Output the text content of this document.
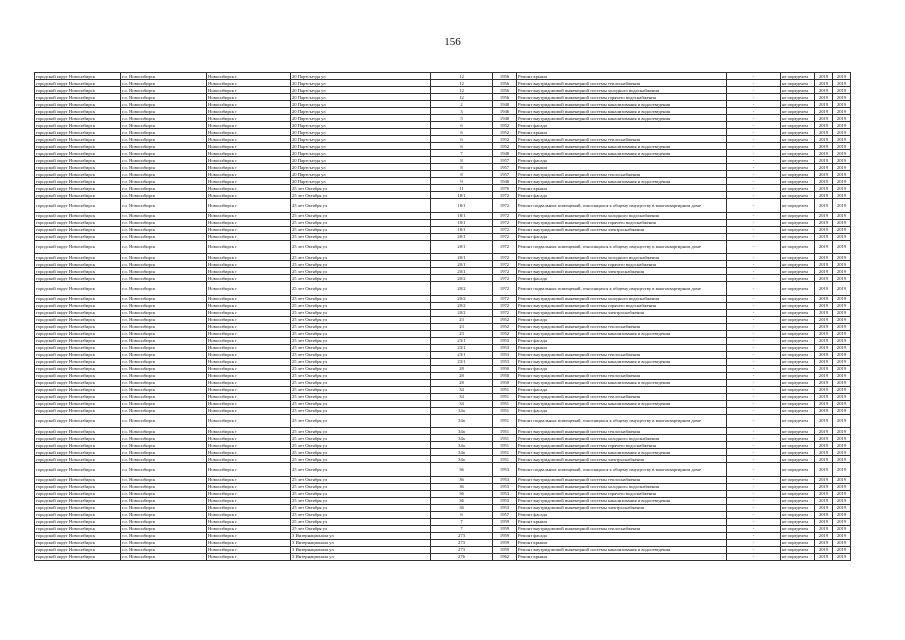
156
городской округ Новосибирск	г.о. Новосибирск	Новосибирск г	20 Партсъезда ул	12	1956	Ремонт крыши	-	не определен	2019	2019
городской округ Новосибирск	г.о. Новосибирск	Новосибирск г	20 Партсъезда ул	12	1956	Ремонт внутридомовой инженерной системы теплоснабжения	-	не определен	2019	2019
городской округ Новосибирск	г.о. Новосибирск	Новосибирск г	20 Партсъезда ул	12	1956	Ремонт внутридомовой инженерной системы холодного водоснабжения	-	не определен	2019	2019
городской округ Новосибирск	г.о. Новосибирск	Новосибирск г	20 Партсъезда ул	12	1956	Ремонт внутридомовой инженерной системы горячего водоснабжения	-	не определен	2019	2019
городской округ Новосибирск	г.о. Новосибирск	Новосибирск г	20 Партсъезда ул	2	1948	Ремонт внутридомовой инженерной системы канализования и водоотведения	-	не определен	2019	2019
городской округ Новосибирск	г.о. Новосибирск	Новосибирск г	20 Партсъезда ул	3	1946	Ремонт внутридомовой инженерной системы канализования и водоотведения	-	не определен	2019	2019
городской округ Новосибирск	г.о. Новосибирск	Новосибирск г	20 Партсъезда ул	5	1948	Ремонт внутридомовой инженерной системы канализования и водоотведения	-	не определен	2019	2019
городской округ Новосибирск	г.о. Новосибирск	Новосибирск г	20 Партсъезда ул	6	1952	Ремонт фасада	-	не определен	2019	2019
городской округ Новосибирск	г.о. Новосибирск	Новосибирск г	20 Партсъезда ул	6	1952	Ремонт крыши	-	не определен	2019	2019
городской округ Новосибирск	г.о. Новосибирск	Новосибирск г	20 Партсъезда ул	6	1952	Ремонт внутридомовой инженерной системы теплоснабжения	-	не определен	2019	2019
городской округ Новосибирск	г.о. Новосибирск	Новосибирск г	20 Партсъезда ул	6	1952	Ремонт внутридомовой инженерной системы канализования и водоотведения	-	не определен	2019	2019
городской округ Новосибирск	г.о. Новосибирск	Новосибирск г	20 Партсъезда ул	7	1948	Ремонт внутридомовой инженерной системы канализования и водоотведения	-	не определен	2019	2019
городской округ Новосибирск	г.о. Новосибирск	Новосибирск г	20 Партсъезда ул	8	1957	Ремонт фасада	-	не определен	2019	2019
городской округ Новосибирск	г.о. Новосибирск	Новосибирск г	20 Партсъезда ул	8	1957	Ремонт крыши	-	не определен	2019	2019
городской округ Новосибирск	г.о. Новосибирск	Новосибирск г	20 Партсъезда ул	8	1957	Ремонт внутридомовой инженерной системы теплоснабжения	-	не определен	2019	2019
городской округ Новосибирск	г.о. Новосибирск	Новосибирск г	20 Партсъезда ул	9	1946	Ремонт внутридомовой инженерной системы канализования и водоотведения	-	не определен	2019	2019
городской округ Новосибирск	г.о. Новосибирск	Новосибирск г	25 лет Октября ул	11	1976	Ремонт крыши	-	не определен	2019	2019
городской округ Новосибирск	г.о. Новосибирск	Новосибирск г	25 лет Октября ул	18/1	1972	Ремонт фасада	-	не определен	2019	2019
городской округ Новосибирск	г.о. Новосибирск	Новосибирск г	25 лет Октября ул	18/1	1972	Ремонт подвальных помещений, относящихся к общему имуществу в многоквартирном доме	-	не определен	2019	2019
городской округ Новосибирск	г.о. Новосибирск	Новосибирск г	25 лет Октября ул	18/1	1972	Ремонт внутридомовой инженерной системы холодного водоснабжения	-	не определен	2019	2019
городской округ Новосибирск	г.о. Новосибирск	Новосибирск г	25 лет Октября ул	18/1	1972	Ремонт внутридомовой инженерной системы горячего водоснабжения	-	не определен	2019	2019
городской округ Новосибирск	г.о. Новосибирск	Новосибирск г	25 лет Октября ул	18/1	1972	Ремонт внутридомовой инженерной системы электроснабжения	-	не определен	2019	2019
городской округ Новосибирск	г.о. Новосибирск	Новосибирск г	25 лет Октября ул	20/1	1972	Ремонт фасада	-	не определен	2019	2019
городской округ Новосибирск	г.о. Новосибирск	Новосибирск г	25 лет Октября ул	20/1	1972	Ремонт подвальных помещений, относящихся к общему имуществу в многоквартирном доме	-	не определен	2019	2019
городской округ Новосибирск	г.о. Новосибирск	Новосибирск г	25 лет Октября ул	20/1	1972	Ремонт внутридомовой инженерной системы холодного водоснабжения	-	не определен	2019	2019
городской округ Новосибирск	г.о. Новосибирск	Новосибирск г	25 лет Октября ул	20/1	1972	Ремонт внутридомовой инженерной системы горячего водоснабжения	-	не определен	2019	2019
городской округ Новосибирск	г.о. Новосибирск	Новосибирск г	25 лет Октября ул	20/1	1972	Ремонт внутридомовой инженерной системы электроснабжения	-	не определен	2019	2019
городской округ Новосибирск	г.о. Новосибирск	Новосибирск г	25 лет Октября ул	20/2	1972	Ремонт фасада	-	не определен	2019	2019
городской округ Новосибирск	г.о. Новосибирск	Новосибирск г	25 лет Октября ул	20/2	1972	Ремонт подвальных помещений, относящихся к общему имуществу в многоквартирном доме	-	не определен	2019	2019
городской округ Новосибирск	г.о. Новосибирск	Новосибирск г	25 лет Октября ул	20/2	1972	Ремонт внутридомовой инженерной системы холодного водоснабжения	-	не определен	2019	2019
городской округ Новосибирск	г.о. Новосибирск	Новосибирск г	25 лет Октября ул	20/2	1972	Ремонт внутридомовой инженерной системы горячего водоснабжения	-	не определен	2019	2019
городской округ Новосибирск	г.о. Новосибирск	Новосибирск г	25 лет Октября ул	20/2	1972	Ремонт внутридомовой инженерной системы электроснабжения	-	не определен	2019	2019
городской округ Новосибирск	г.о. Новосибирск	Новосибирск г	25 лет Октября ул	23	1952	Ремонт фасада	-	не определен	2019	2019
городской округ Новосибирск	г.о. Новосибирск	Новосибирск г	25 лет Октября ул	23	1952	Ремонт внутридомовой инженерной системы теплоснабжения	-	не определен	2019	2019
городской округ Новосибирск	г.о. Новосибирск	Новосибирск г	25 лет Октября ул	23	1952	Ремонт внутридомовой инженерной системы канализования и водоотведения	-	не определен	2019	2019
городской округ Новосибирск	г.о. Новосибирск	Новосибирск г	25 лет Октября ул	23/1	1953	Ремонт фасада	-	не определен	2019	2019
городской округ Новосибирск	г.о. Новосибирск	Новосибирск г	25 лет Октября ул	23/1	1953	Ремонт крыши	-	не определен	2019	2019
городской округ Новосибирск	г.о. Новосибирск	Новосибирск г	25 лет Октября ул	23/1	1953	Ремонт внутридомовой инженерной системы теплоснабжения	-	не определен	2019	2019
городской округ Новосибирск	г.о. Новосибирск	Новосибирск г	25 лет Октября ул	23/1	1953	Ремонт внутридомовой инженерной системы канализования и водоотведения	-	не определен	2019	2019
городской округ Новосибирск	г.о. Новосибирск	Новосибирск г	25 лет Октября ул	28	1950	Ремонт фасада	-	не определен	2019	2019
городской округ Новосибирск	г.о. Новосибирск	Новосибирск г	25 лет Октября ул	28	1950	Ремонт внутридомовой инженерной системы теплоснабжения	-	не определен	2019	2019
городской округ Новосибирск	г.о. Новосибирск	Новосибирск г	25 лет Октября ул	28	1950	Ремонт внутридомовой инженерной системы канализования и водоотведения	-	не определен	2019	2019
городской округ Новосибирск	г.о. Новосибирск	Новосибирск г	25 лет Октября ул	34	1951	Ремонт фасада	-	не определен	2019	2019
городской округ Новосибирск	г.о. Новосибирск	Новосибирск г	25 лет Октября ул	34	1951	Ремонт внутридомовой инженерной системы теплоснабжения	-	не определен	2019	2019
городской округ Новосибирск	г.о. Новосибирск	Новосибирск г	25 лет Октября ул	34	1951	Ремонт внутридомовой инженерной системы канализования и водоотведения	-	не определен	2019	2019
городской округ Новосибирск	г.о. Новосибирск	Новосибирск г	25 лет Октября ул	34а	1951	Ремонт фасада	-	не определен	2019	2019
городской округ Новосибирск	г.о. Новосибирск	Новосибирск г	25 лет Октября ул	34а	1951	Ремонт подвальных помещений, относящихся к общему имуществу в многоквартирном доме	-	не определен	2019	2019
городской округ Новосибирск	г.о. Новосибирск	Новосибирск г	25 лет Октября ул	34а	1951	Ремонт внутридомовой инженерной системы теплоснабжения	-	не определен	2019	2019
городской округ Новосибирск	г.о. Новосибирск	Новосибирск г	25 лет Октября ул	34а	1951	Ремонт внутридомовой инженерной системы холодного водоснабжения	-	не определен	2019	2019
городской округ Новосибирск	г.о. Новосибирск	Новосибирск г	25 лет Октября ул	34а	1951	Ремонт внутридомовой инженерной системы горячего водоснабжения	-	не определен	2019	2019
городской округ Новосибирск	г.о. Новосибирск	Новосибирск г	25 лет Октября ул	34а	1951	Ремонт внутридомовой инженерной системы канализования и водоотведения	-	не определен	2019	2019
городской округ Новосибирск	г.о. Новосибирск	Новосибирск г	25 лет Октября ул	34а	1951	Ремонт внутридомовой инженерной системы электроснабжения	-	не определен	2019	2019
городской округ Новосибирск	г.о. Новосибирск	Новосибирск г	25 лет Октября ул	36	1953	Ремонт подвальных помещений, относящихся к общему имуществу в многоквартирном доме	-	не определен	2019	2019
городской округ Новосибирск	г.о. Новосибирск	Новосибирск г	25 лет Октября ул	36	1953	Ремонт внутридомовой инженерной системы теплоснабжения	-	не определен	2019	2019
городской округ Новосибирск	г.о. Новосибирск	Новосибирск г	25 лет Октября ул	36	1953	Ремонт внутридомовой инженерной системы холодного водоснабжения	-	не определен	2019	2019
городской округ Новосибирск	г.о. Новосибирск	Новосибирск г	25 лет Октября ул	36	1953	Ремонт внутридомовой инженерной системы горячего водоснабжения	-	не определен	2019	2019
городской округ Новосибирск	г.о. Новосибирск	Новосибирск г	25 лет Октября ул	36	1953	Ремонт внутридомовой инженерной системы канализования и водоотведения	-	не определен	2019	2019
городской округ Новосибирск	г.о. Новосибирск	Новосибирск г	25 лет Октября ул	36	1953	Ремонт внутридомовой инженерной системы электроснабжения	-	не определен	2019	2019
городской округ Новосибирск	г.о. Новосибирск	Новосибирск г	25 лет Октября ул	6	1957	Ремонт фасада	-	не определен	2019	2019
городской округ Новосибирск	г.о. Новосибирск	Новосибирск г	25 лет Октября ул	7	1959	Ремонт крыши	-	не определен	2019	2019
городской округ Новосибирск	г.о. Новосибирск	Новосибирск г	25 лет Октября ул	7	1959	Ремонт внутридомовой инженерной системы теплоснабжения	-	не определен	2019	2019
городской округ Новосибирск	г.о. Новосибирск	Новосибирск г	3 Интернационала ул	273	1959	Ремонт фасада	-	не определен	2019	2019
городской округ Новосибирск	г.о. Новосибирск	Новосибирск г	3 Интернационала ул	273	1959	Ремонт крыши	-	не определен	2019	2019
городской округ Новосибирск	г.о. Новосибирск	Новосибирск г	3 Интернационала ул	273	1959	Ремонт внутридомовой инженерной системы канализования и водоотведения	-	не определен	2019	2019
городской округ Новосибирск	г.о. Новосибирск	Новосибирск г	3 Интернационала ул	276	1962	Ремонт крыши	-	не определен	2019	2019
